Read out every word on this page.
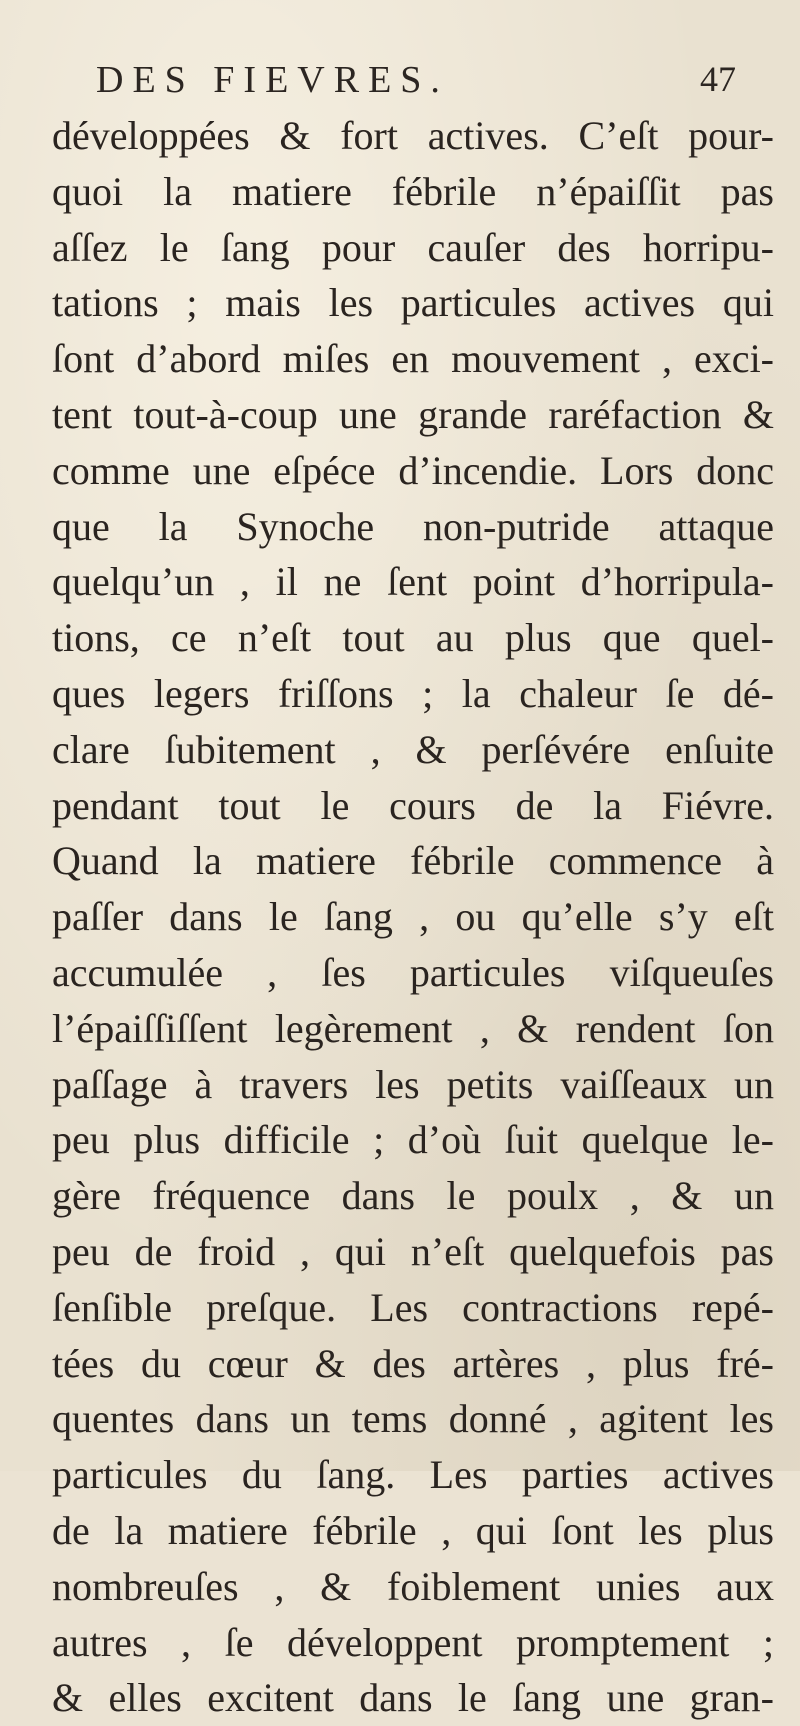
DES FIEVRES.	47
développées & fort actives. C’eſt pour-
quoi la matiere fébrile n’épaiſſit pas
aſſez le ſang pour cauſer des horripu-
tations ; mais les particules actives qui
ſont d’abord miſes en mouvement , exci-
tent tout-à-coup une grande raréfaction &
comme une eſpéce d’incendie. Lors donc
que la Synoche non-putride attaque
quelqu’un , il ne ſent point d’horripula-
tions, ce n’eſt tout au plus que quel-
ques legers friſſons ; la chaleur ſe dé-
clare ſubitement , & perſévére enſuite
pendant tout le cours de la Fiévre.
Quand la matiere fébrile commence à
paſſer dans le ſang , ou qu’elle s’y eſt
accumulée , ſes particules viſqueuſes
l’épaiſſiſſent legèrement , & rendent ſon
paſſage à travers les petits vaiſſeaux un
peu plus difficile ; d’où ſuit quelque le-
gère fréquence dans le poulx , & un
peu de froid , qui n’eſt quelquefois pas
ſenſible preſque. Les contractions repé-
tées du cœur & des artères , plus fré-
quentes dans un tems donné , agitent les
particules du ſang. Les parties actives
de la matiere fébrile , qui ſont les plus
nombreuſes , & foiblement unies aux
autres , ſe développent promptement ;
& elles excitent dans le ſang une gran-
